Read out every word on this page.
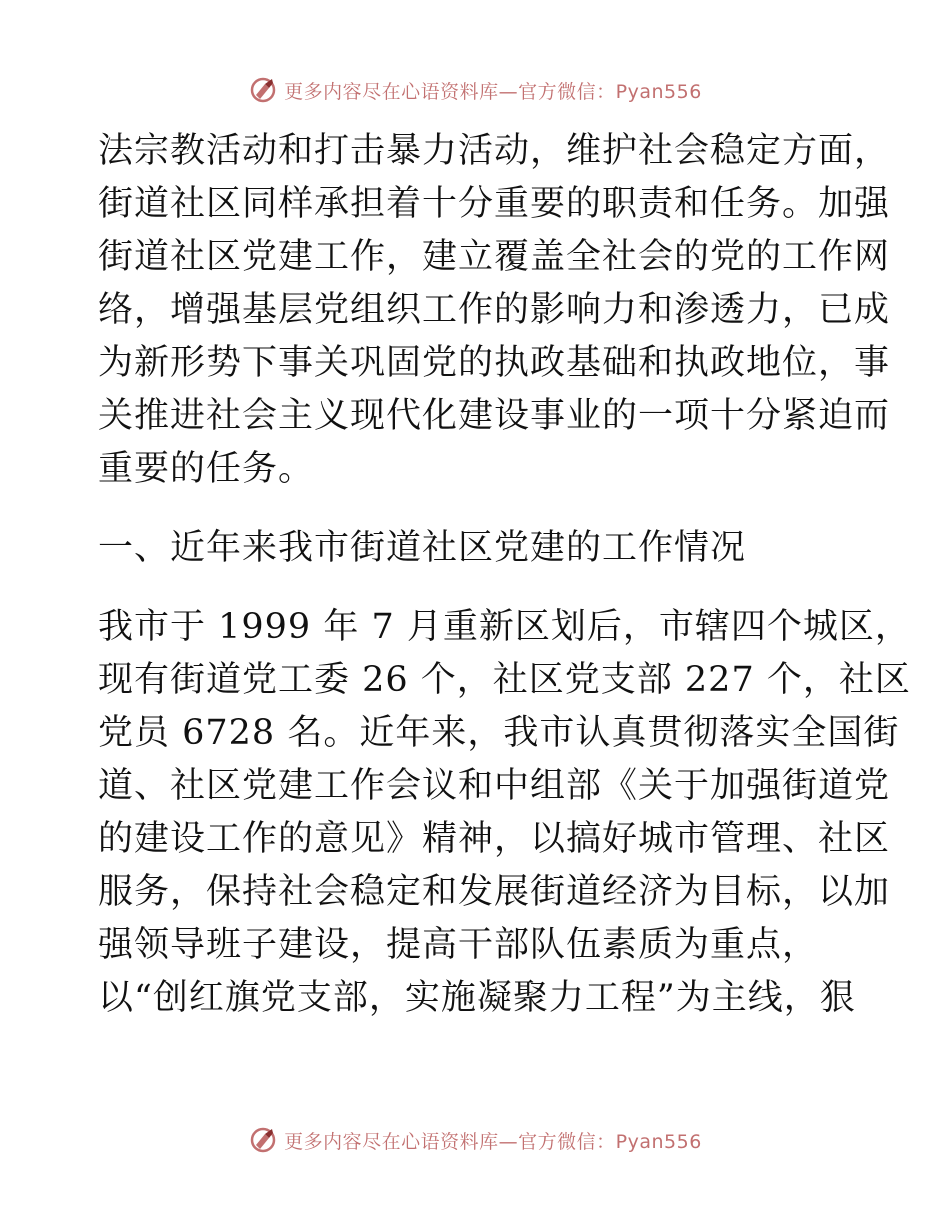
更多内容尽在心语资料库—官方微信：Pyan556
法宗教活动和打击暴力活动，维护社会稳定方面，
街道社区同样承担着十分重要的职责和任务。加强
街道社区党建工作，建立覆盖全社会的党的工作网
络，增强基层党组织工作的影响力和渗透力，已成
为新形势下事关巩固党的执政基础和执政地位，事
关推进社会主义现代化建设事业的一项十分紧迫而
重要的任务。
一、近年来我市街道社区党建的工作情况
我市于 1999 年 7 月重新区划后，市辖四个城区，
现有街道党工委 26 个，社区党支部 227 个，社区
党员 6728 名。近年来，我市认真贯彻落实全国街
道、社区党建工作会议和中组部《关于加强街道党
的建设工作的意见》精神，以搞好城市管理、社区
服务，保持社会稳定和发展街道经济为目标，以加
强领导班子建设，提高干部队伍素质为重点，
以“创红旗党支部，实施凝聚力工程”为主线，狠
更多内容尽在心语资料库—官方微信：Pyan556
